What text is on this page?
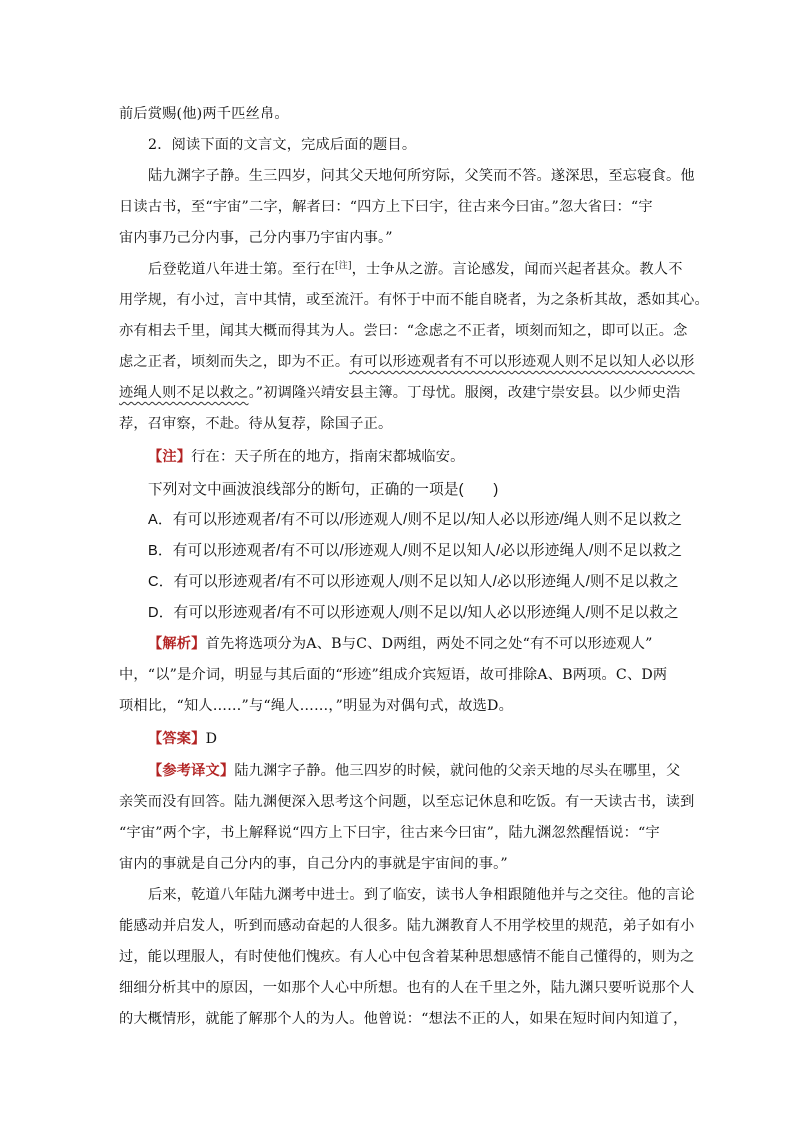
前后赏赐(他)两千匹丝帛。
2．阅读下面的文言文，完成后面的题目。
陆九渊字子静。生三四岁，问其父天地何所穷际，父笑而不答。遂深思，至忘寝食。他
日读古书，至“宇宙”二字，解者曰：“四方上下曰宇，往古来今曰宙。”忽大省曰：“宇
宙内事乃己分内事，己分内事乃宇宙内事。”
后登乾道八年进士第。至行在[注]，士争从之游。言论感发，闻而兴起者甚众。教人不
用学规，有小过，言中其情，或至流汗。有怀于中而不能自晓者，为之条析其故，悉如其心。
亦有相去千里，闻其大概而得其为人。尝曰：“念虑之不正者，顷刻而知之，即可以正。念
虑之正者，顷刻而失之，即为不正。有可以形迹观者有不可以形迹观人则不足以知人必以形
迹绳人则不足以救之。”初调隆兴靖安县主簿。丁母忧。服阕，改建宁崇安县。以少师史浩
荐，召审察，不赴。待从复荐，除国子正。
【注】行在：天子所在的地方，指南宋都城临安。
下列对文中画波浪线部分的断句，正确的一项是(　　)
A．有可以形迹观者/有不可以/形迹观人/则不足以/知人必以形迹/绳人则不足以救之
B．有可以形迹观者/有不可以/形迹观人/则不足以知人/必以形迹绳人/则不足以救之
C．有可以形迹观者/有不可以形迹观人/则不足以知人/必以形迹绳人/则不足以救之
D．有可以形迹观者/有不可以形迹观人/则不足以/知人必以形迹绳人/则不足以救之
【解析】首先将选项分为A、B与C、D两组，两处不同之处“有不可以形迹观人”
中，“以”是介词，明显与其后面的“形迹”组成介宾短语，故可排除A、B两项。C、D两
项相比，“知人……”与“绳人……，”明显为对偶句式，故选D。
【答案】D
【参考译文】陆九渊字子静。他三四岁的时候，就问他的父亲天地的尽头在哪里，父
亲笑而没有回答。陆九渊便深入思考这个问题，以至忘记休息和吃饭。有一天读古书，读到
“宇宙”两个字，书上解释说“四方上下曰宇，往古来今曰宙”，陆九渊忽然醒悟说：“宇
宙内的事就是自己分内的事，自己分内的事就是宇宙间的事。”
后来，乾道八年陆九渊考中进士。到了临安，读书人争相跟随他并与之交往。他的言论
能感动并启发人，听到而感动奋起的人很多。陆九渊教育人不用学校里的规范，弟子如有小
过，能以理服人，有时使他们愧疚。有人心中包含着某种思想感情不能自己懂得的，则为之
细细分析其中的原因，一如那个人心中所想。也有的人在千里之外，陆九渊只要听说那个人
的大概情形，就能了解那个人的为人。他曾说：“想法不正的人，如果在短时间内知道了，
